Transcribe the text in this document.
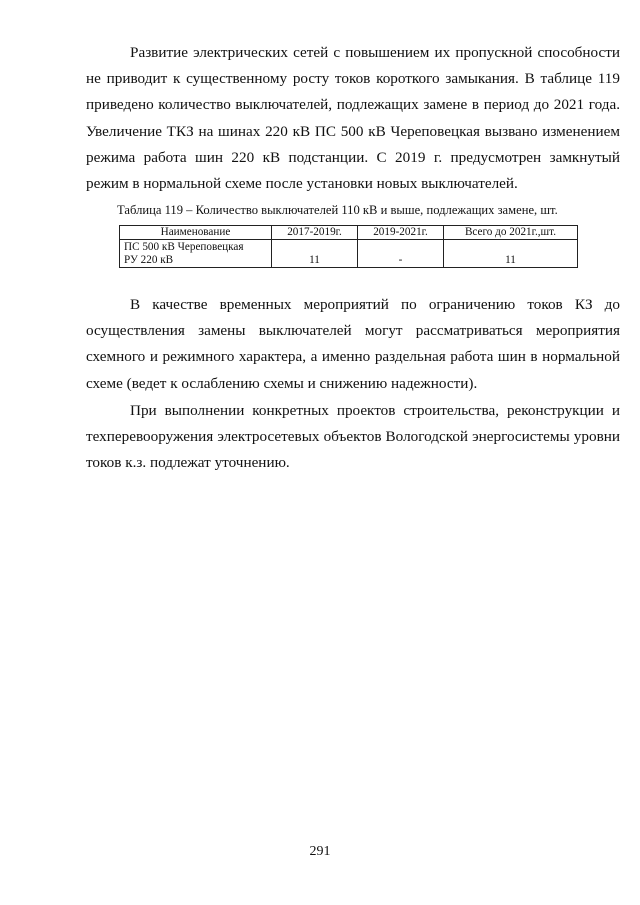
Развитие электрических сетей с повышением их пропускной способности не приводит к существенному росту токов короткого замыкания. В таблице 119 приведено количество выключателей, подлежащих замене в период до 2021 года. Увеличение ТКЗ на шинах 220 кВ ПС 500 кВ Череповецкая вызвано изменением режима работа шин 220 кВ подстанции. С 2019 г. предусмотрен замкнутый режим в нормальной схеме после установки новых выключателей.

Таблица 119 – Количество выключателей 110 кВ и выше, подлежащих замене, шт.
Наименование	2017-2019г.	2019-2021г.	Всего до 2021г.,шт.

ПС 500 кВ Череповецкая
РУ 220 кВ	11	-	11

В качестве временных мероприятий по ограничению токов КЗ до осуществления замены выключателей могут рассматриваться мероприятия схемного и режимного характера, а именно раздельная работа шин в нормальной схеме (ведет к ослаблению схемы и снижению надежности).

При выполнении конкретных проектов строительства, реконструкции и техперевооружения электросетевых объектов Вологодской энергосистемы уровни токов к.з. подлежат уточнению.

291
